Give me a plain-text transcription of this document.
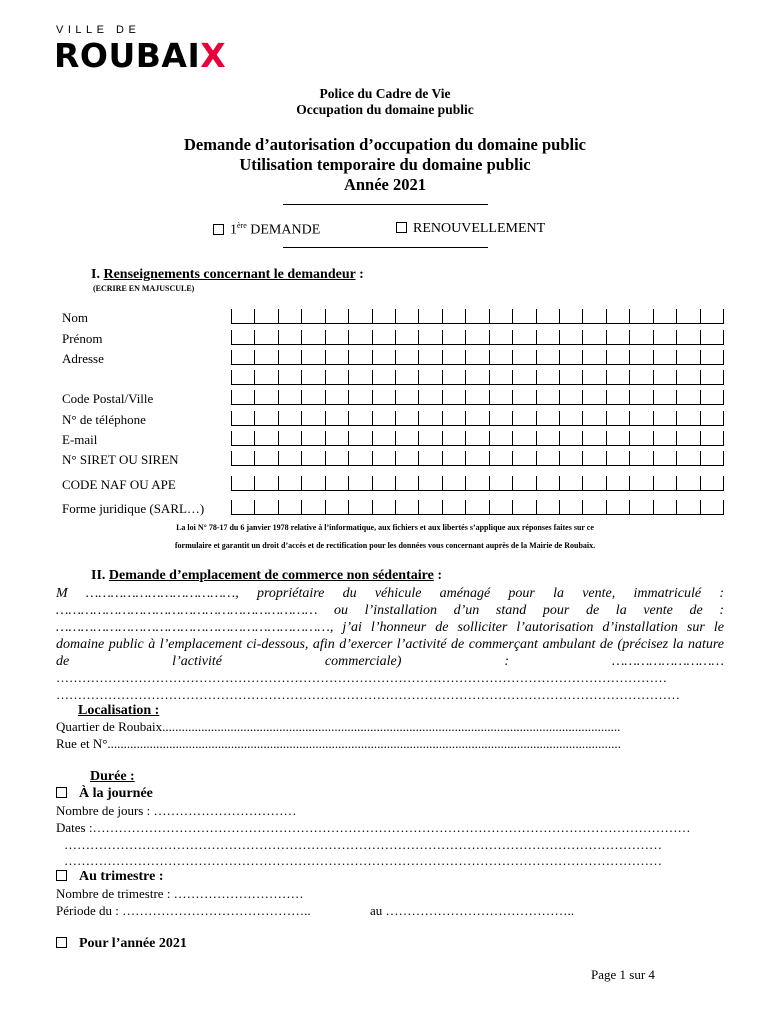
VILLE DE
ROUBAIX
Police du Cadre de Vie
Occupation du domaine public
Demande d’autorisation d’occupation du domaine public
Utilisation temporaire du domaine public
Année 2021
1ère DEMANDE	RENOUVELLEMENT
I. Renseignements concernant le demandeur :
(ECRIRE EN MAJUSCULE)
Nom
Prénom
Adresse
Code Postal/Ville
N° de téléphone
E-mail
N° SIRET OU SIREN
CODE NAF OU APE
Forme juridique (SARL…)
La loi N° 78-17 du 6 janvier 1978 relative à l’informatique, aux fichiers et aux libertés s’applique aux réponses faites sur ce
formulaire et garantit un droit d’accès et de rectification pour les données vous concernant auprès de la Mairie de Roubaix.
II. Demande d’emplacement de commerce non sédentaire :
M ………………………………, propriétaire du véhicule aménagé pour la vente, immatriculé : ……………………………………………………… ou l’installation d’un stand pour de la vente de : …………………………………………………………, j’ai l’honneur de solliciter l’autorisation d’installation sur le domaine public à l’emplacement ci-dessous, afin d’exercer l’activité de commerçant ambulant de (précisez la nature de l’activité commerciale) : ………………………
……………………………………………………………………………………………………………………………
………………………………………………………………………………………………………………………………
Localisation :
Quartier de Roubaix.............................................................................................................................................
Rue et N°..............................................................................................................................................................
Durée :
À la journée
Nombre de jours : ……………………………
Dates :…………………………………………………………………………………………………………………………
…………………………………………………………………………………………………………………………
…………………………………………………………………………………………………………………………
Au trimestre :
Nombre de trimestre : …………………………
Période du : ……………………………………..	au ……………………………………..
Pour l’année 2021
Page 1 sur 4
